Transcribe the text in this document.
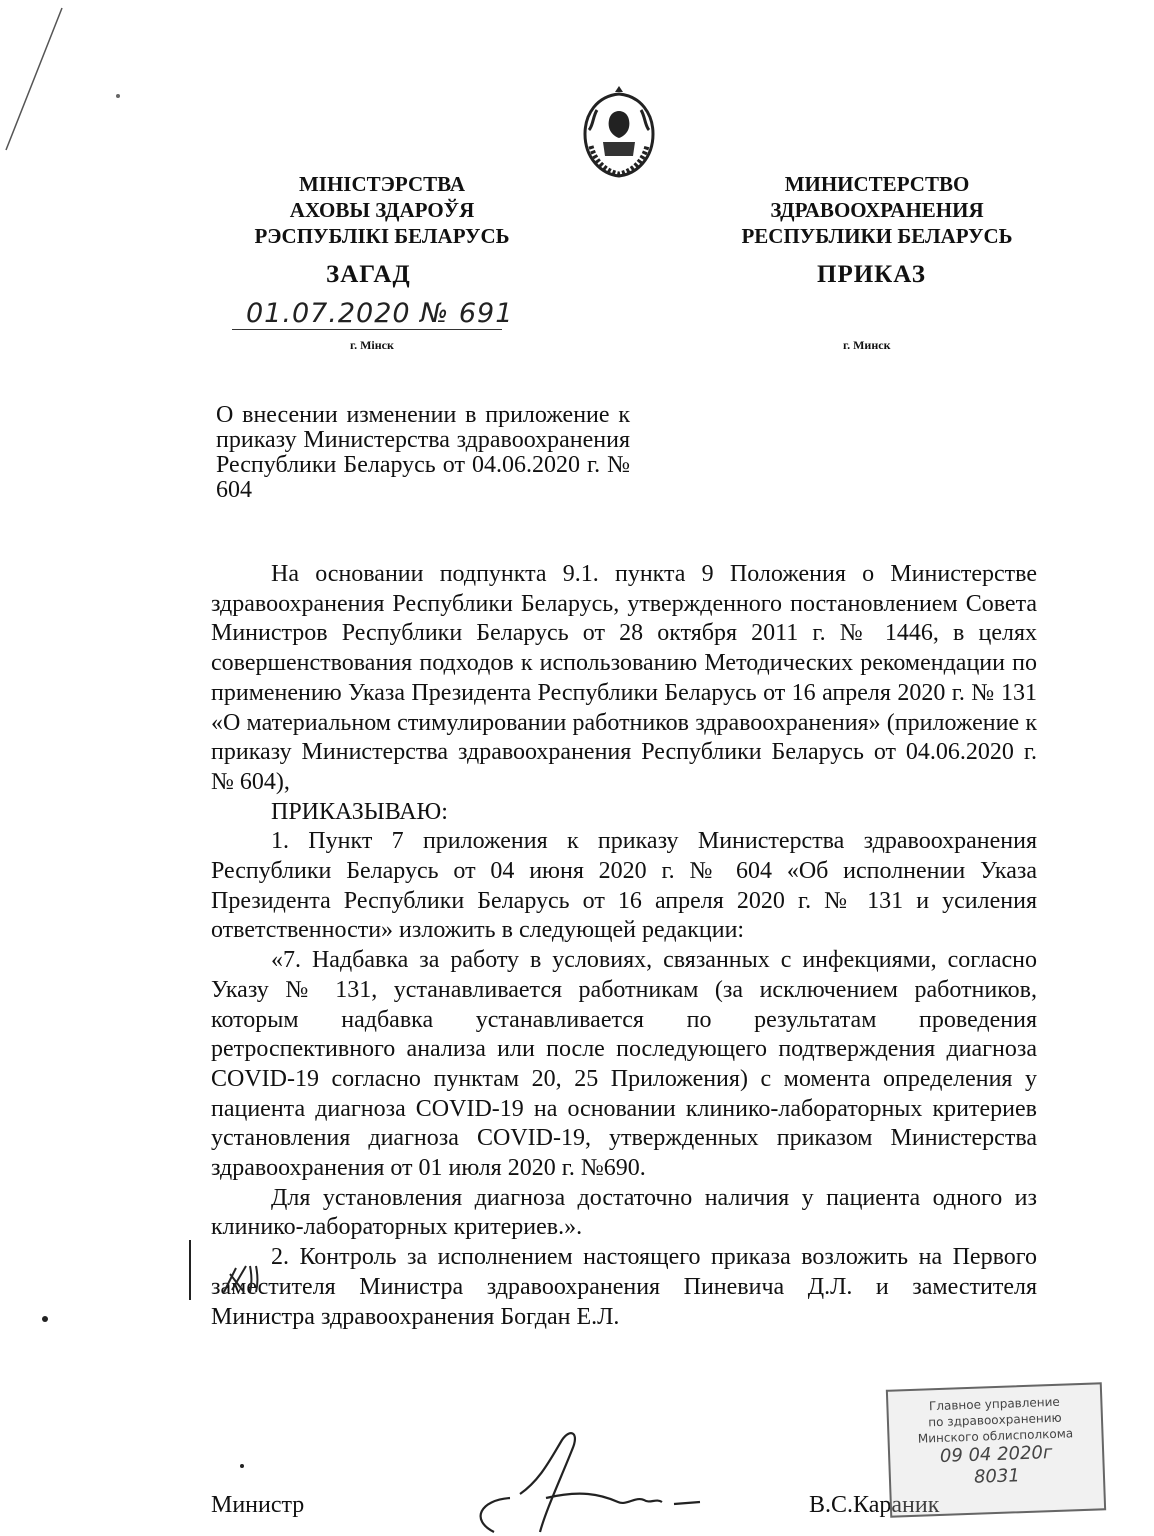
МІНІСТЭРСТВА
АХОВЫ ЗДАРОЎЯ
РЭСПУБЛІКІ БЕЛАРУСЬ
МИНИСТЕРСТВО
ЗДРАВООХРАНЕНИЯ
РЕСПУБЛИКИ БЕЛАРУСЬ
ЗАГАД	ПРИКАЗ
01.07.2020 № 691
г. Мінск	г. Минск
О внесении изменении в приложение к приказу Министерства здравоохранения Республики Беларусь от 04.06.2020 г. № 604

На основании подпункта 9.1. пункта 9 Положения о Министерстве здравоохранения Республики Беларусь, утвержденного постановлением Совета Министров Республики Беларусь от 28 октября 2011 г. № 1446, в целях совершенствования подходов к использованию Методических рекомендации по применению Указа Президента Республики Беларусь от 16 апреля 2020 г. № 131 «О материальном стимулировании работников здравоохранения» (приложение к приказу Министерства здравоохранения Республики Беларусь от 04.06.2020 г. № 604),

ПРИКАЗЫВАЮ:

1. Пункт 7 приложения к приказу Министерства здравоохранения Республики Беларусь от 04 июня 2020 г. № 604 «Об исполнении Указа Президента Республики Беларусь от 16 апреля 2020 г. № 131 и усиления ответственности» изложить в следующей редакции:

«7. Надбавка за работу в условиях, связанных с инфекциями, согласно Указу № 131, устанавливается работникам (за исключением работников, которым надбавка устанавливается по результатам проведения ретроспективного анализа или после последующего подтверждения диагноза COVID-19 согласно пунктам 20, 25 Приложения) с момента определения у пациента диагноза COVID-19 на основании клинико-лабораторных критериев установления диагноза COVID-19, утвержденных приказом Министерства здравоохранения от 01 июля 2020 г. №690.

Для установления диагноза достаточно наличия у пациента одного из клинико-лабораторных критериев.».

2. Контроль за исполнением настоящего приказа возложить на Первого заместителя Министра здравоохранения Пиневича Д.Л. и заместителя Министра здравоохранения Богдан Е.Л.

Министр	В.С.Караник
Главное управление
по здравоохранению
Минского облисполкома
09 04 2020г
8031
